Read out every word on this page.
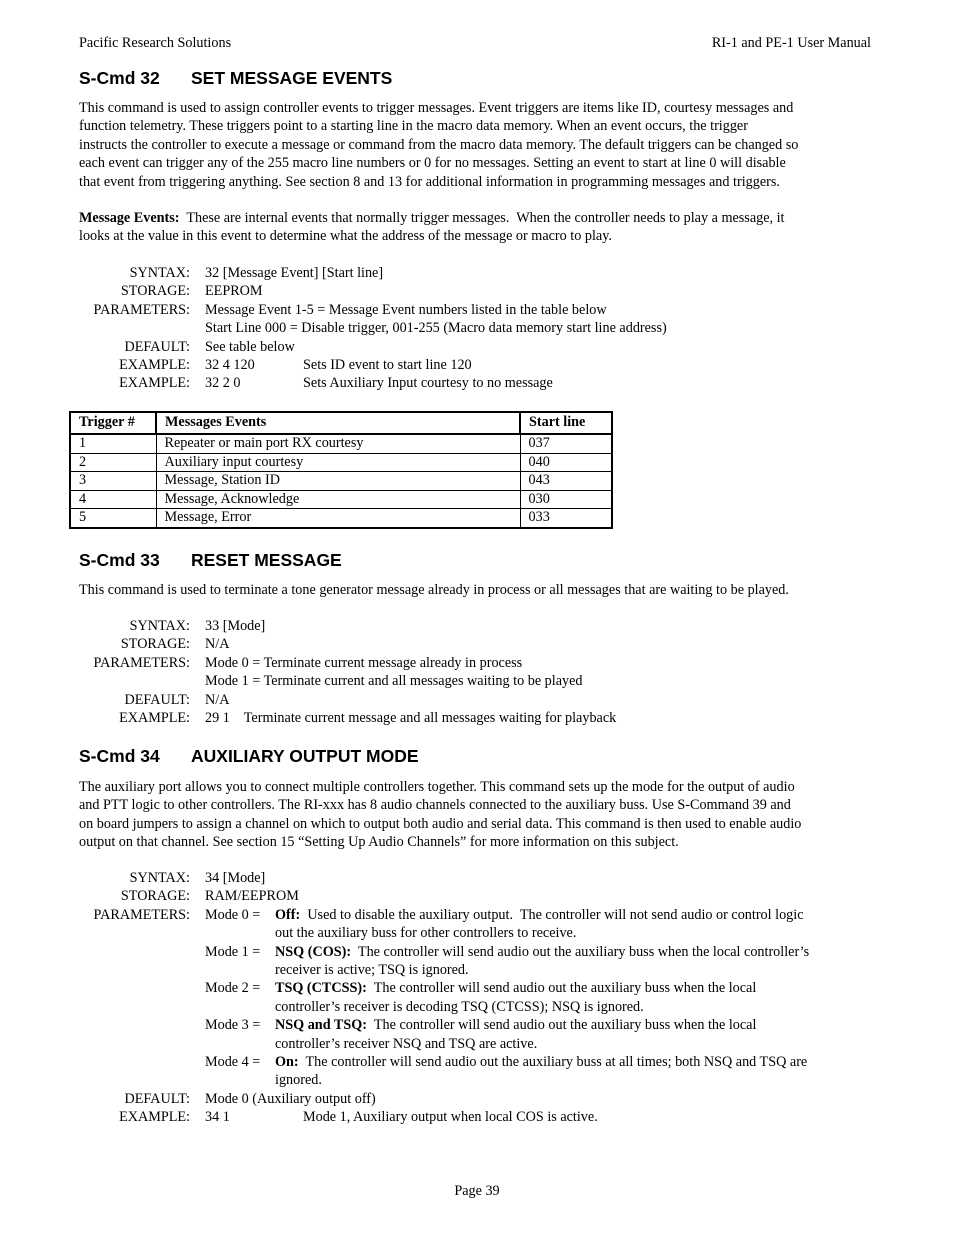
Pacific Research Solutions	RI-1 and PE-1 User Manual
S-Cmd 32 SET MESSAGE EVENTS
This command is used to assign controller events to trigger messages. Event triggers are items like ID, courtesy messages and
function telemetry. These triggers point to a starting line in the macro data memory. When an event occurs, the trigger
instructs the controller to execute a message or command from the macro data memory. The default triggers can be changed so
each event can trigger any of the 255 macro line numbers or 0 for no messages. Setting an event to start at line 0 will disable
that event from triggering anything. See section 8 and 13 for additional information in programming messages and triggers.
Message Events:  These are internal events that normally trigger messages.  When the controller needs to play a message, it
looks at the value in this event to determine what the address of the message or macro to play.
SYNTAX: 32 [Message Event] [Start line]
STORAGE: EEPROM
PARAMETERS: Message Event 1-5 = Message Event numbers listed in the table below
Start Line 000 = Disable trigger, 001-255 (Macro data memory start line address)
DEFAULT: See table below
EXAMPLE: 32 4 120	Sets ID event to start line 120
EXAMPLE: 32 2 0	Sets Auxiliary Input courtesy to no message
Trigger #	Messages Events	Start line
1	Repeater or main port RX courtesy	037
2	Auxiliary input courtesy	040
3	Message, Station ID	043
4	Message, Acknowledge	030
5	Message, Error	033
S-Cmd 33 RESET MESSAGE
This command is used to terminate a tone generator message already in process or all messages that are waiting to be played.
SYNTAX: 33 [Mode]
STORAGE: N/A
PARAMETERS: Mode 0 = Terminate current message already in process
Mode 1 = Terminate current and all messages waiting to be played
DEFAULT: N/A
EXAMPLE: 29 1    Terminate current message and all messages waiting for playback
S-Cmd 34 AUXILIARY OUTPUT MODE
The auxiliary port allows you to connect multiple controllers together. This command sets up the mode for the output of audio
and PTT logic to other controllers. The RI-xxx has 8 audio channels connected to the auxiliary buss. Use S-Command 39 and
on board jumpers to assign a channel on which to output both audio and serial data. This command is then used to enable audio
output on that channel. See section 15 “Setting Up Audio Channels” for more information on this subject.
SYNTAX: 34 [Mode]
STORAGE: RAM/EEPROM
PARAMETERS: Mode 0 = Off:  Used to disable the auxiliary output.  The controller will not send audio or control logic
out the auxiliary buss for other controllers to receive.
Mode 1 = NSQ (COS):  The controller will send audio out the auxiliary buss when the local controller’s
receiver is active; TSQ is ignored.
Mode 2 = TSQ (CTCSS):  The controller will send audio out the auxiliary buss when the local
controller’s receiver is decoding TSQ (CTCSS); NSQ is ignored.
Mode 3 = NSQ and TSQ:  The controller will send audio out the auxiliary buss when the local
controller’s receiver NSQ and TSQ are active.
Mode 4 = On:  The controller will send audio out the auxiliary buss at all times; both NSQ and TSQ are
ignored.
DEFAULT: Mode 0 (Auxiliary output off)
EXAMPLE: 34 1	Mode 1, Auxiliary output when local COS is active.
Page 39
